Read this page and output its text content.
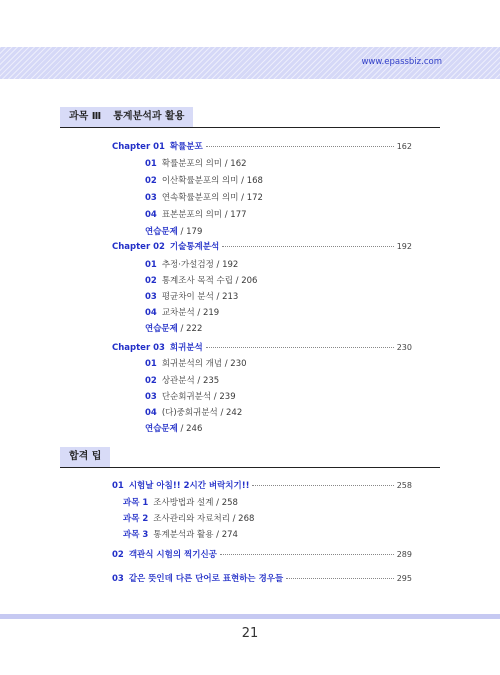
www.epassbiz.com
과목 Ⅲ 통계분석과 활용
Chapter 01 확률분포	162
01 확률분포의 의미 / 162
02 이산확률분포의 의미 / 168
03 연속확률분포의 의미 / 172
04 표본분포의 의미 / 177
연습문제 / 179
Chapter 02 기술통계분석	192
01 추정·가설검정 / 192
02 통계조사 목적 수립 / 206
03 평균차이 분석 / 213
04 교차분석 / 219
연습문제 / 222
Chapter 03 회귀분석	230
01 회귀분석의 개념 / 230
02 상관분석 / 235
03 단순회귀분석 / 239
04 (다)중회귀분석 / 242
연습문제 / 246
합격 팁
01 시험날 아침!! 2시간 벼락치기!!	258
과목 1 조사방법과 설계 / 258
과목 2 조사관리와 자료처리 / 268
과목 3 통계분석과 활용 / 274
02 객관식 시험의 찍기신공	289
03 같은 뜻인데 다른 단어로 표현하는 경우들	295
21
